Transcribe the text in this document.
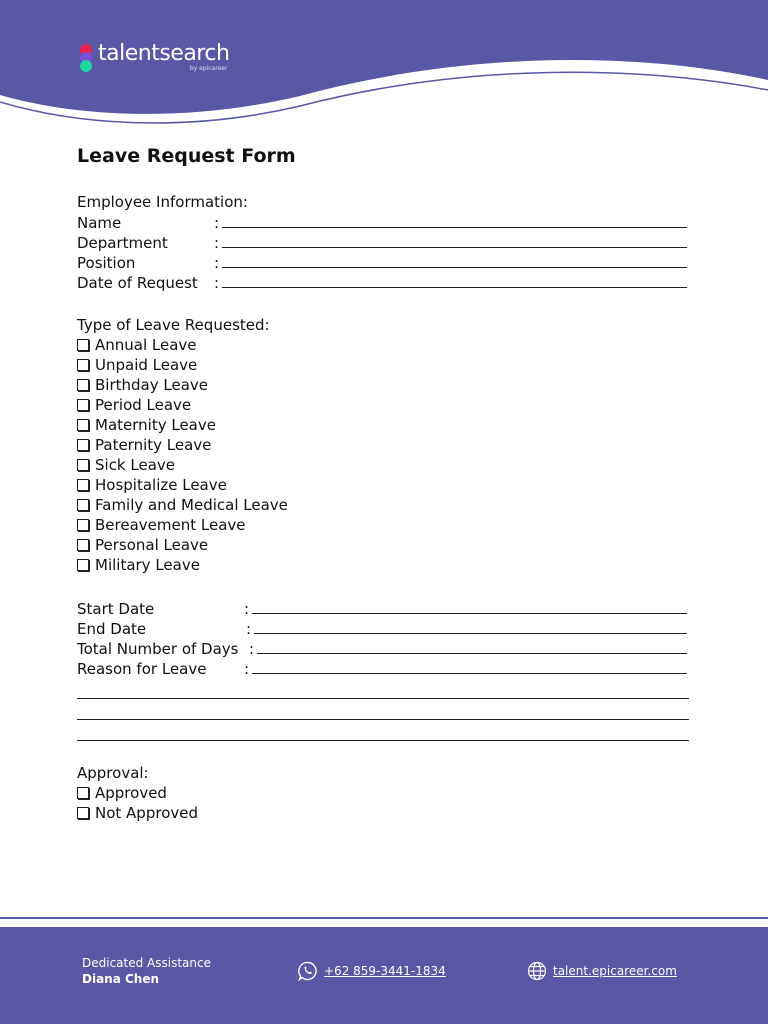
talentsearch
by epicareer
Leave Request Form
Employee Information:
Name	:
Department	:
Position	:
Date of Request	:
Type of Leave Requested:
Annual Leave
Unpaid Leave
Birthday Leave
Period Leave
Maternity Leave
Paternity Leave
Sick Leave
Hospitalize Leave
Family and Medical Leave
Bereavement Leave
Personal Leave
Military Leave
Start Date	:
End Date	:
Total Number of Days :
Reason for Leave	:
Approval:
Approved
Not Approved
Dedicated Assistance
Diana Chen
+62 859-3441-1834	talent.epicareer.com
